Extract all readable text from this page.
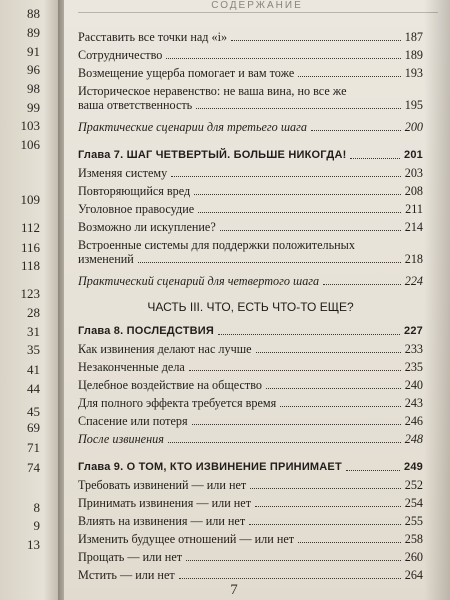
88
89
91
96
98
99
103
106
109
112
116
118
123
28
31
35
41
44
45
69
71
74
8
9
13
СОДЕРЖАНИЕ
Расставить все точки над «i»	187
Сотрудничество	189
Возмещение ущерба помогает и вам тоже	193
Историческое неравенство: не ваша вина, но все же
ваша ответственность	195
Практические сценарии для третьего шага	200
Глава 7. ШАГ ЧЕТВЕРТЫЙ. БОЛЬШЕ НИКОГДА!	201
Изменяя систему	203
Повторяющийся вред	208
Уголовное правосудие	211
Возможно ли искупление?	214
Встроенные системы для поддержки положительных
изменений	218
Практический сценарий для четвертого шага	224
ЧАСТЬ III. ЧТО, ЕСТЬ ЧТО-ТО ЕЩЕ?
Глава 8. ПОСЛЕДСТВИЯ	227
Как извинения делают нас лучше	233
Незаконченные дела	235
Целебное воздействие на общество	240
Для полного эффекта требуется время	243
Спасение или потеря	246
После извинения	248
Глава 9. О ТОМ, КТО ИЗВИНЕНИЕ ПРИНИМАЕТ	249
Требовать извинений — или нет	252
Принимать извинения — или нет	254
Влиять на извинения — или нет	255
Изменить будущее отношений — или нет	258
Прощать — или нет	260
Мстить — или нет	264
7
